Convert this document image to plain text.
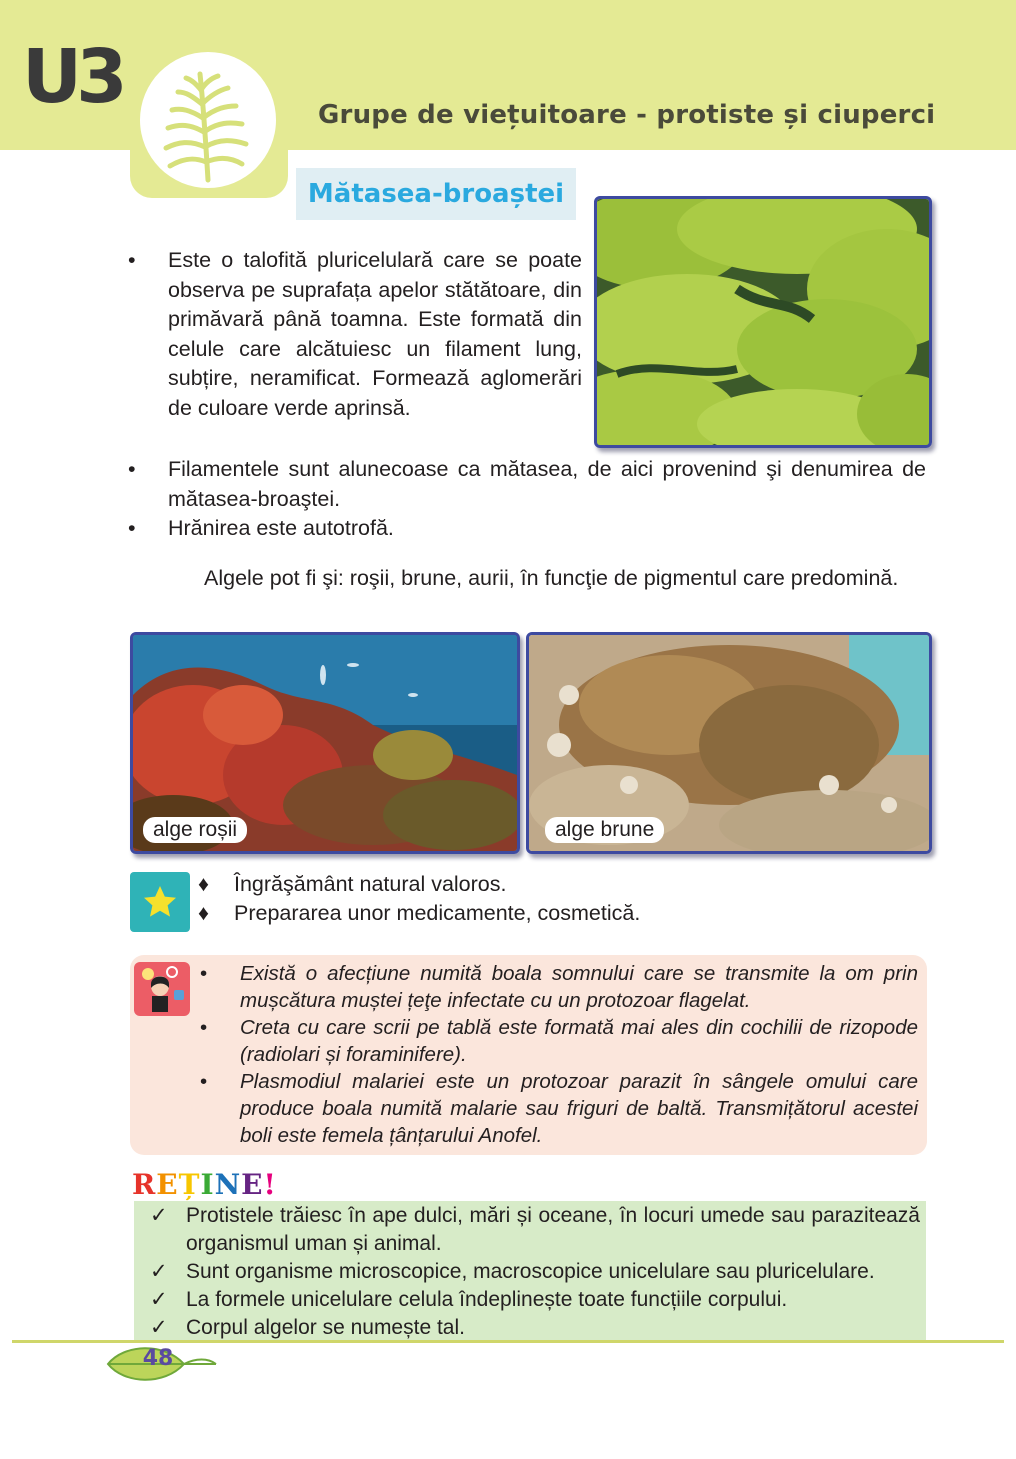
U3	Grupe de viețuitoare - protiste și ciuperci
Mătasea-broaștei
• Este o talofită pluricelulară care se poate observa pe suprafața apelor stătătoare, din primăvară până toamna. Este formată din celule care alcătuiesc un filament lung, subțire, neramificat. Formează aglomerări de culoare verde aprinsă.
• Filamentele sunt alunecoase ca mătasea, de aici provenind şi denumirea de mătasea-broaştei.
• Hrănirea este autotrofă.
Algele pot fi şi: roşii, brune, aurii, în funcţie de pigmentul care predomină.
alge roșii	alge brune
♦ Îngrăşământ natural valoros.
♦ Prepararea unor medicamente, cosmetică.
• Există o afecțiune numită boala somnului care se transmite la om prin mușcătura muștei țeţe infectate cu un protozoar flagelat.
• Creta cu care scrii pe tablă este formată mai ales din cochilii de rizopode (radiolari și foraminifere).
• Plasmodiul malariei este un protozoar parazit în sângele omului care produce boala numită malarie sau friguri de baltă. Transmițătorul acestei boli este femela țânțarului Anofel.
REȚINE!
✓ Protistele trăiesc în ape dulci, mări și oceane, în locuri umede sau parazitează organismul uman și animal.
✓ Sunt organisme microscopice, macroscopice unicelulare sau pluricelulare.
✓ La formele unicelulare celula îndeplinește toate funcțiile corpului.
✓ Corpul algelor se numește tal.
48
